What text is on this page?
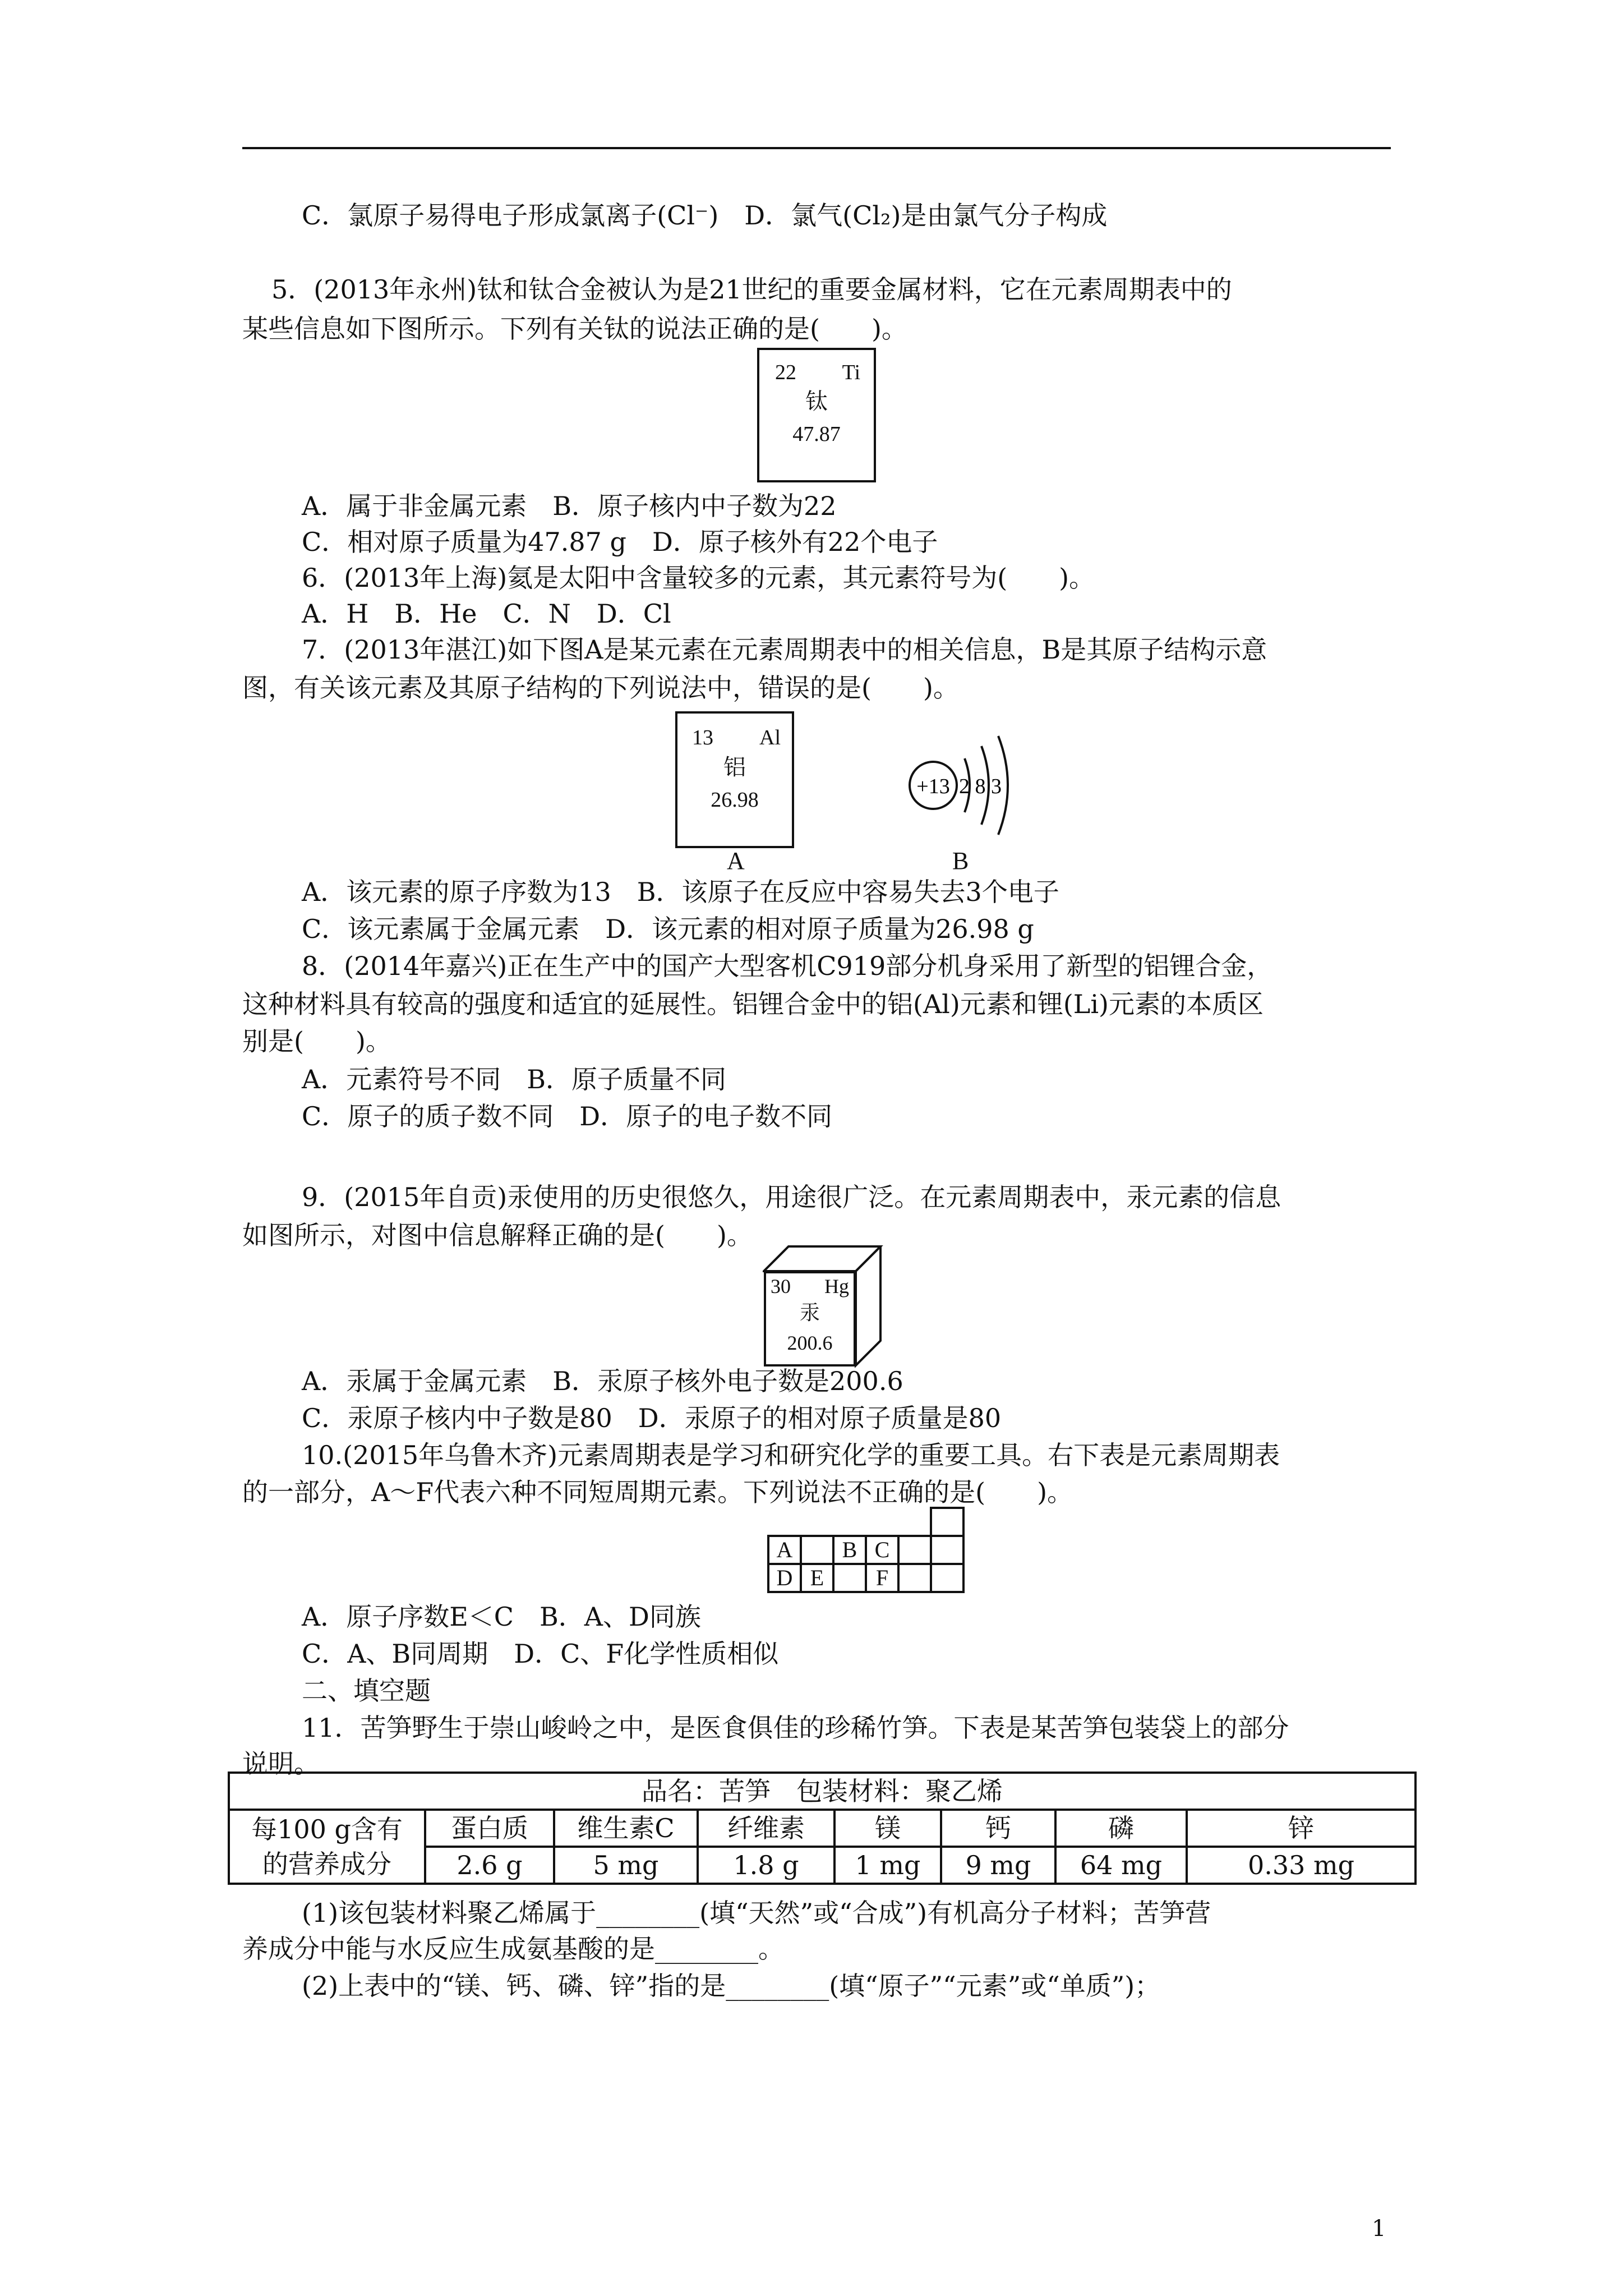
C．氯原子易得电子形成氯离子(Cl⁻)　D．氯气(Cl₂)是由氯气分子构成
5．(2013年永州)钛和钛合金被认为是21世纪的重要金属材料，它在元素周期表中的
某些信息如下图所示。下列有关钛的说法正确的是(　　)。
22 Ti
钛
47.87
A．属于非金属元素　B．原子核内中子数为22
C．相对原子质量为47.87 g　D．原子核外有22个电子
6．(2013年上海)氦是太阳中含量较多的元素，其元素符号为(　　)。
A．H　B．He　C．N　D．Cl
7．(2013年湛江)如下图A是某元素在元素周期表中的相关信息，B是其原子结构示意
图，有关该元素及其原子结构的下列说法中，错误的是(　　)。
13 Al
铝
26.98
A
+13 2 8 3
B
A．该元素的原子序数为13　B．该原子在反应中容易失去3个电子
C．该元素属于金属元素　D．该元素的相对原子质量为26.98 g
8．(2014年嘉兴)正在生产中的国产大型客机C919部分机身采用了新型的铝锂合金，
这种材料具有较高的强度和适宜的延展性。铝锂合金中的铝(Al)元素和锂(Li)元素的本质区
别是(　　)。
A．元素符号不同　B．原子质量不同
C．原子的质子数不同　D．原子的电子数不同
9．(2015年自贡)汞使用的历史很悠久，用途很广泛。在元素周期表中，汞元素的信息
如图所示，对图中信息解释正确的是(　　)。
30 Hg
汞
200.6
A．汞属于金属元素　B．汞原子核外电子数是200.6
C．汞原子核内中子数是80　D．汞原子的相对原子质量是80
10.(2015年乌鲁木齐)元素周期表是学习和研究化学的重要工具。右下表是元素周期表
的一部分，A～F代表六种不同短周期元素。下列说法不正确的是(　　)。

A		B	C		
D	E		F		
A．原子序数E＜C　B．A、D同族
C．A、B同周期　D．C、F化学性质相似
二、填空题
11．苦笋野生于崇山峻岭之中，是医食俱佳的珍稀竹笋。下表是某苦笋包装袋上的部分
说明。
品名：苦笋　包装材料：聚乙烯							

每100 g含有
的营养成分	蛋白质	维生素C	纤维素	镁	钙	磷	锌
	2.6 g	5 mg	1.8 g	1 mg	9 mg	64 mg	0.33 mg
(1)该包装材料聚乙烯属于________(填“天然”或“合成”)有机高分子材料；苦笋营
养成分中能与水反应生成氨基酸的是________。
(2)上表中的“镁、钙、磷、锌”指的是________(填“原子”“元素”或“单质”)；
1
